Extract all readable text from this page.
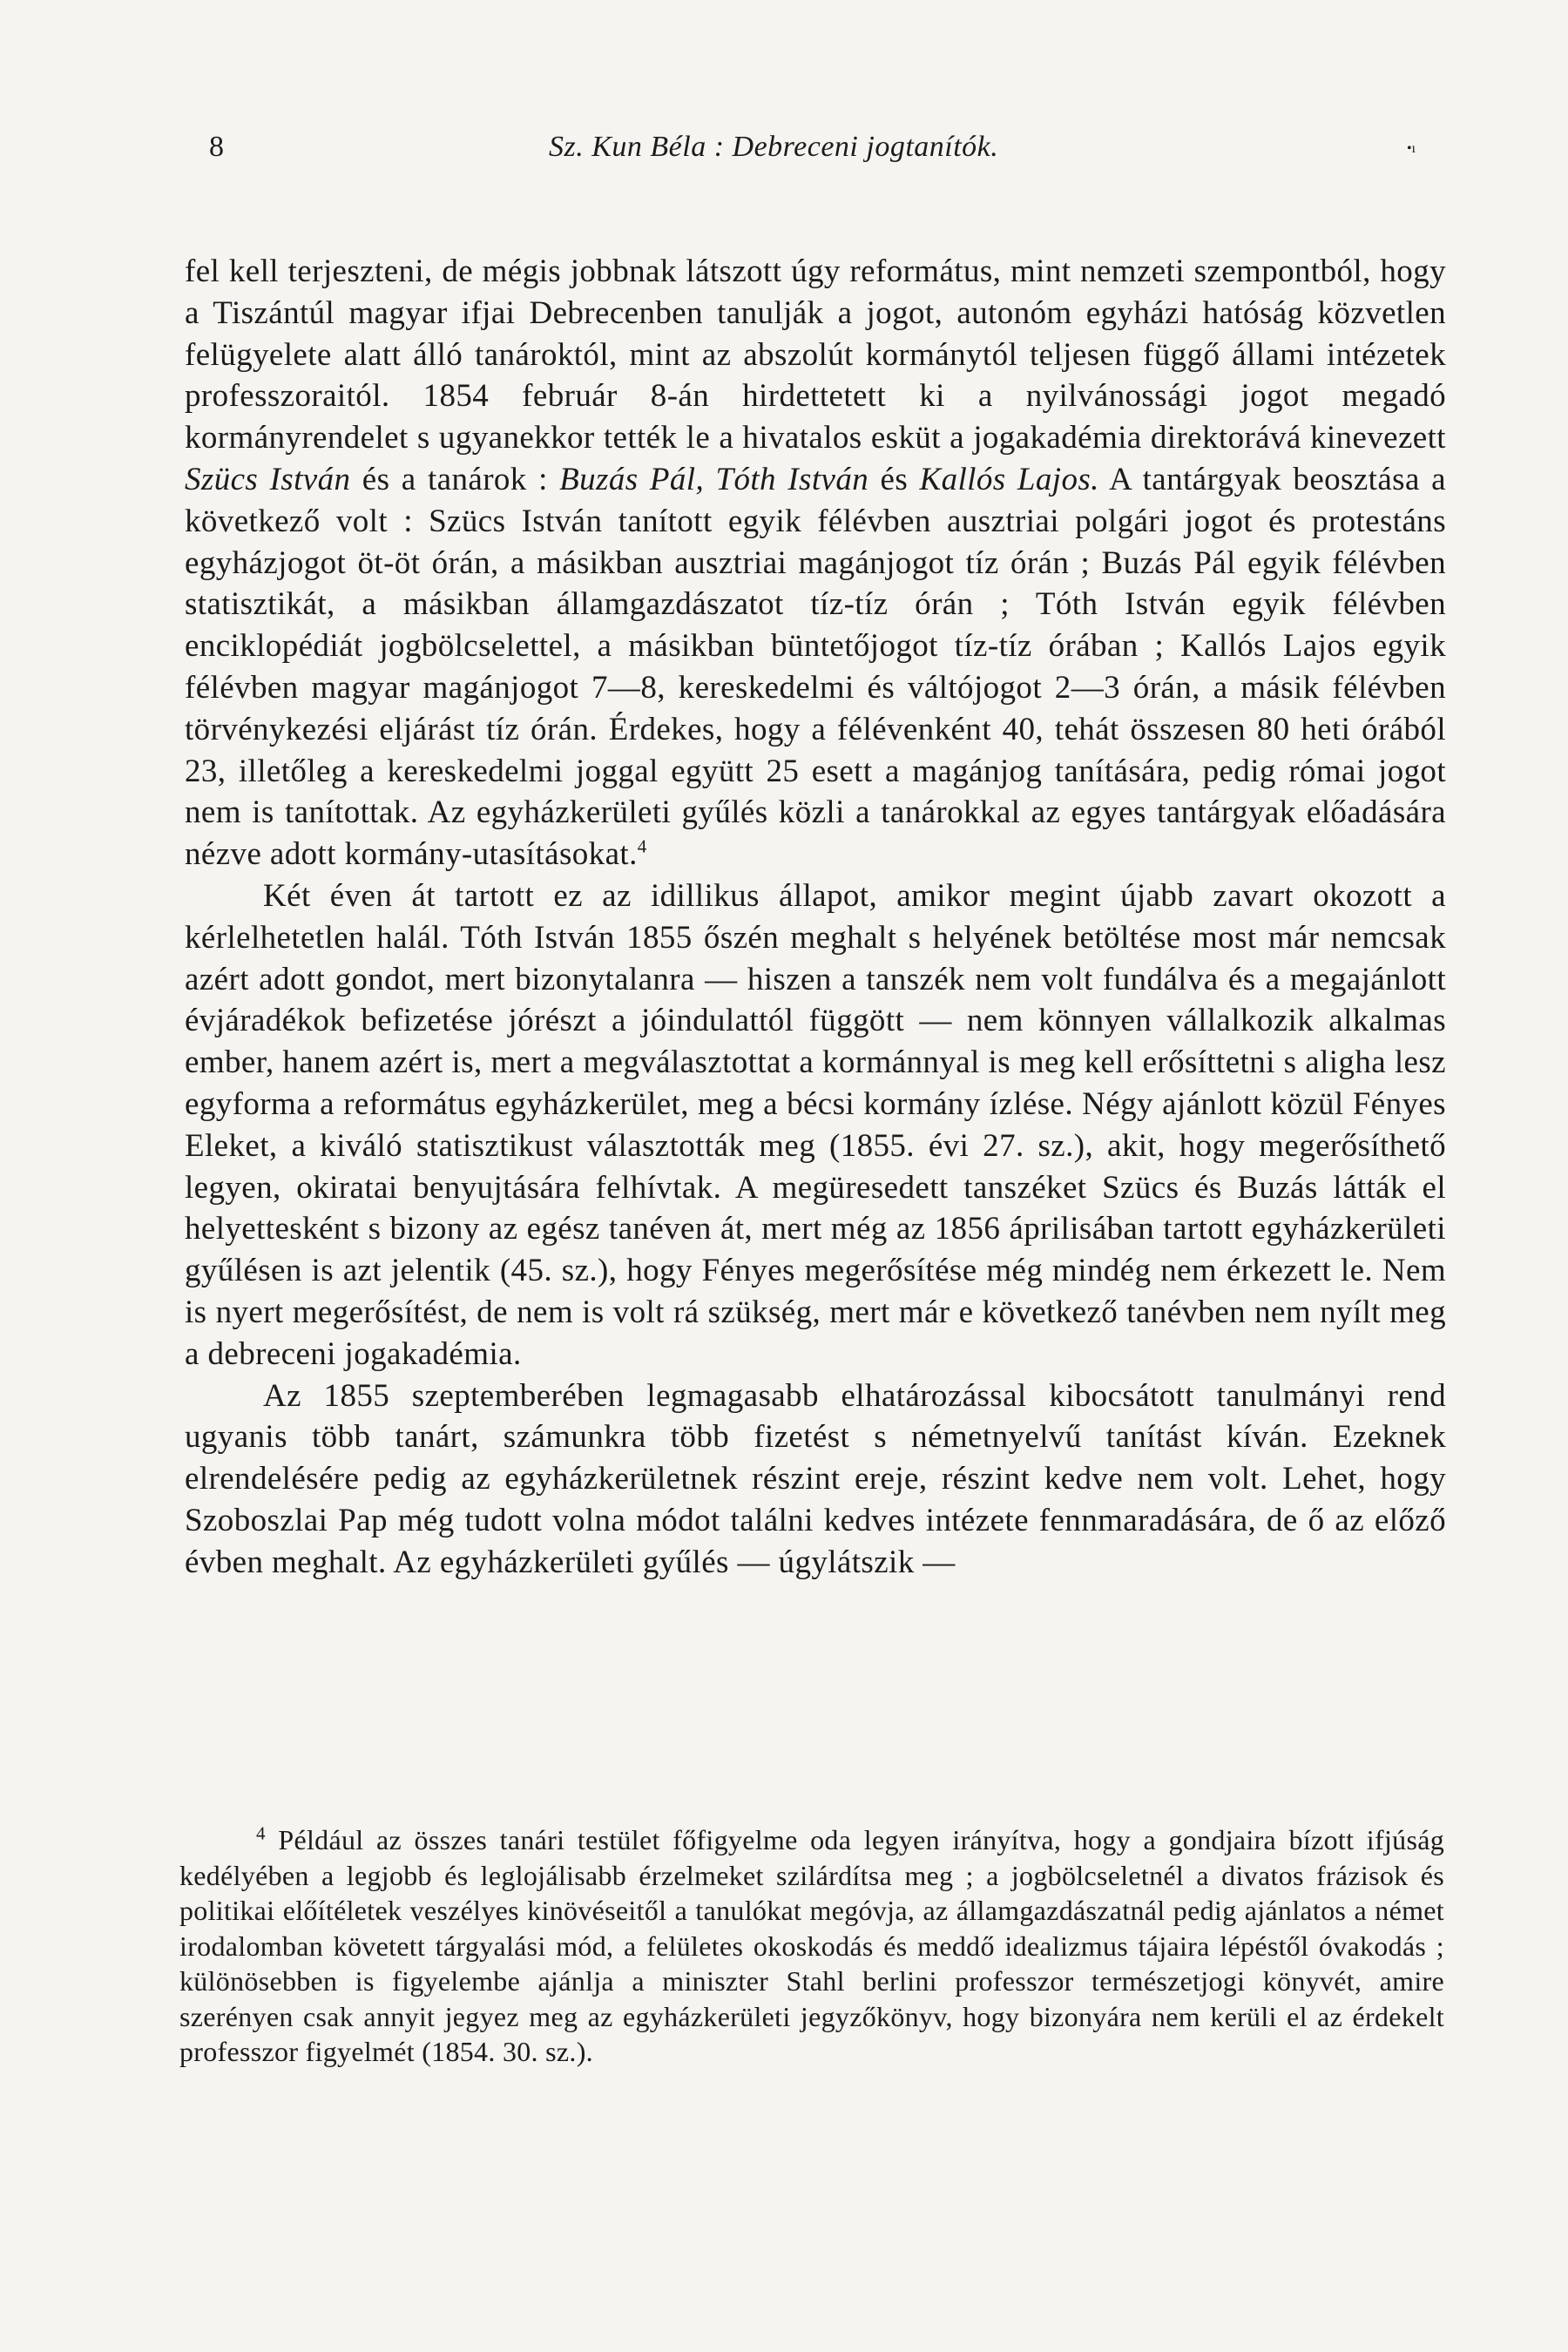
8	Sz. Kun Béla : Debreceni jogtanítók.	•ı

fel kell terjeszteni, de mégis jobbnak látszott úgy református, mint nemzeti szempontból, hogy a Tiszántúl magyar ifjai Debrecenben tanulják a jogot, autonóm egyházi hatóság közvetlen felügyelete alatt álló tanároktól, mint az abszolút kormánytól teljesen függő állami intézetek professzoraitól. 1854 február 8-án hirdettetett ki a nyilvánossági jogot megadó kormányrendelet s ugyanekkor tették le a hivatalos esküt a jogakadémia direktorává kinevezett Szücs István és a tanárok : Buzás Pál, Tóth István és Kallós Lajos. A tantárgyak beosztása a következő volt : Szücs István tanított egyik félévben ausztriai polgári jogot és protestáns egyházjogot öt-öt órán, a másikban ausztriai magánjogot tíz órán ; Buzás Pál egyik félévben statisztikát, a másikban államgazdászatot tíz-tíz órán ; Tóth István egyik félévben enciklopédiát jogbölcselettel, a másikban büntetőjogot tíz-tíz órában ; Kallós Lajos egyik félévben magyar magánjogot 7—8, kereskedelmi és váltójogot 2—3 órán, a másik félévben törvénykezési eljárást tíz órán. Érdekes, hogy a félévenként 40, tehát összesen 80 heti órából 23, illetőleg a kereskedelmi joggal együtt 25 esett a magánjog tanítására, pedig római jogot nem is tanítottak. Az egyházkerületi gyűlés közli a tanárokkal az egyes tantárgyak előadására nézve adott kormány-utasításokat.$^4$

Két éven át tartott ez az idillikus állapot, amikor megint újabb zavart okozott a kérlelhetetlen halál. Tóth István 1855 őszén meghalt s helyének betöltése most már nemcsak azért adott gondot, mert bizonytalanra — hiszen a tanszék nem volt fundálva és a megajánlott évjáradékok befizetése jórészt a jóindulattól függött — nem könnyen vállalkozik alkalmas ember, hanem azért is, mert a megválasztottat a kormánnyal is meg kell erősíttetni s aligha lesz egyforma a református egyházkerület, meg a bécsi kormány ízlése. Négy ajánlott közül Fényes Eleket, a kiváló statisztikust választották meg (1855. évi 27. sz.), akit, hogy megerősíthető legyen, okiratai benyujtására felhívtak. A megüresedett tanszéket Szücs és Buzás látták el helyettesként s bizony az egész tanéven át, mert még az 1856 áprilisában tartott egyházkerületi gyűlésen is azt jelentik (45. sz.), hogy Fényes megerősítése még mindég nem érkezett le. Nem is nyert megerősítést, de nem is volt rá szükség, mert már e következő tanévben nem nyílt meg a debreceni jogakadémia.

Az 1855 szeptemberében legmagasabb elhatározással kibocsátott tanulmányi rend ugyanis több tanárt, számunkra több fizetést s németnyelvű tanítást kíván. Ezeknek elrendelésére pedig az egyházkerületnek részint ereje, részint kedve nem volt. Lehet, hogy Szoboszlai Pap még tudott volna módot találni kedves intézete fennmaradására, de ő az előző évben meghalt. Az egyházkerületi gyűlés — úgylátszik —

$^4$ Például az összes tanári testület főfigyelme oda legyen irányítva, hogy a gondjaira bízott ifjúság kedélyében a legjobb és leglojálisabb érzelmeket szilárdítsa meg ; a jogbölcseletnél a divatos frázisok és politikai előítéletek veszélyes kinövéseitől a tanulókat megóvja, az államgazdászatnál pedig ajánlatos a német irodalomban követett tárgyalási mód, a felületes okoskodás és meddő idealizmus tájaira lépéstől óvakodás ; különösebben is figyelembe ajánlja a miniszter Stahl berlini professzor természetjogi könyvét, amire szerényen csak annyit jegyez meg az egyházkerületi jegyzőkönyv, hogy bizonyára nem kerüli el az érdekelt professzor figyelmét (1854. 30. sz.).
